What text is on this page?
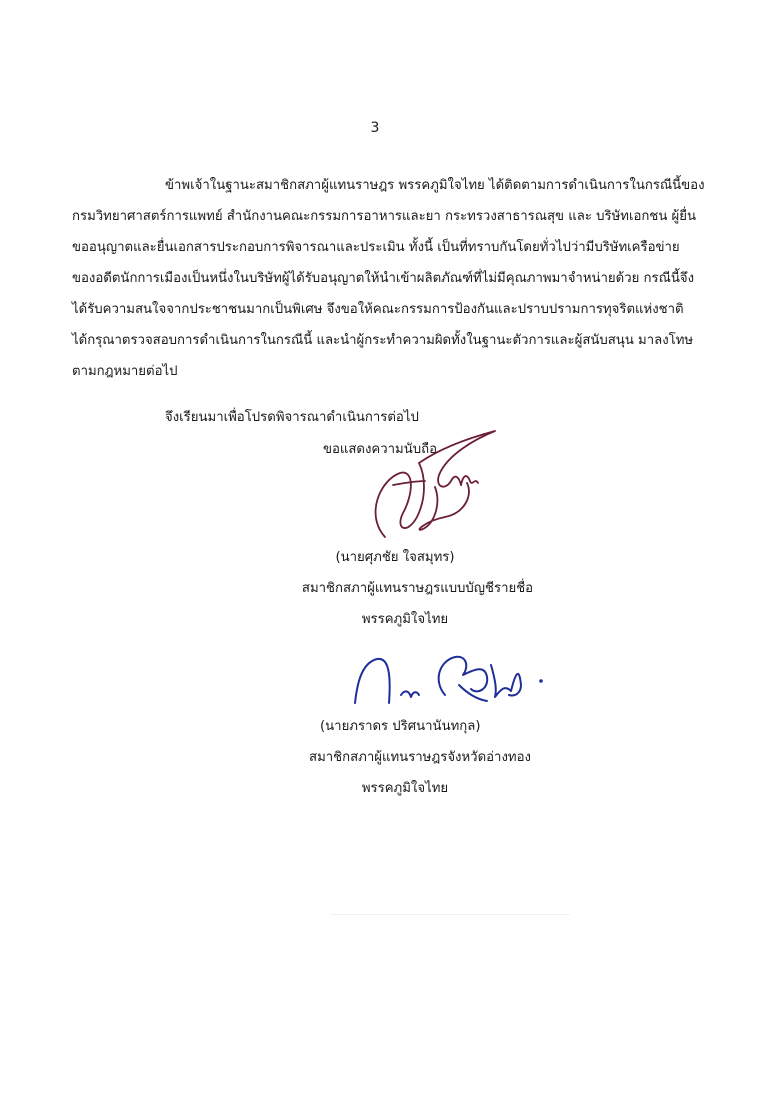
3
ข้าพเจ้าในฐานะสมาชิกสภาผู้แทนราษฎร พรรคภูมิใจไทย ได้ติดตามการดำเนินการในกรณีนี้ของ
กรมวิทยาศาสตร์การแพทย์ สำนักงานคณะกรรมการอาหารและยา กระทรวงสาธารณสุข และ บริษัทเอกชน ผู้ยื่น
ขออนุญาตและยื่นเอกสารประกอบการพิจารณาและประเมิน ทั้งนี้ เป็นที่ทราบกันโดยทั่วไปว่ามีบริษัทเครือข่าย
ของอดีตนักการเมืองเป็นหนึ่งในบริษัทผู้ได้รับอนุญาตให้นำเข้าผลิตภัณฑ์ที่ไม่มีคุณภาพมาจำหน่ายด้วย กรณีนี้จึง
ได้รับความสนใจจากประชาชนมากเป็นพิเศษ จึงขอให้คณะกรรมการป้องกันและปราบปรามการทุจริตแห่งชาติ
ได้กรุณาตรวจสอบการดำเนินการในกรณีนี้ และนำผู้กระทำความผิดทั้งในฐานะตัวการและผู้สนับสนุน มาลงโทษ
ตามกฎหมายต่อไป
จึงเรียนมาเพื่อโปรดพิจารณาดำเนินการต่อไป
ขอแสดงความนับถือ
(นายศุภชัย ใจสมุทร)
สมาชิกสภาผู้แทนราษฎรแบบบัญชีรายชื่อ
พรรคภูมิใจไทย
(นายภราดร ปริศนานันทกุล)
สมาชิกสภาผู้แทนราษฎรจังหวัดอ่างทอง
พรรคภูมิใจไทย
